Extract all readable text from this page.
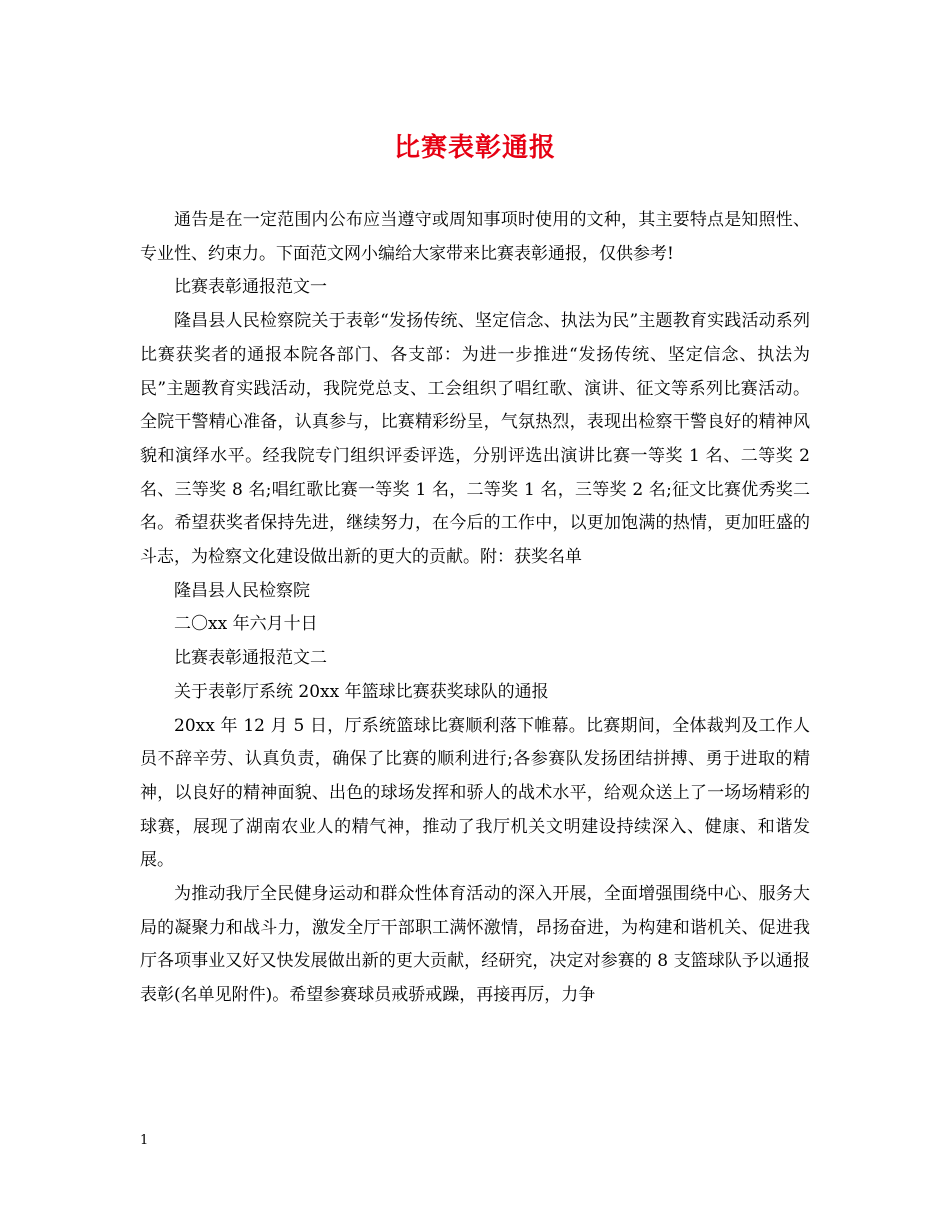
比赛表彰通报

通告是在一定范围内公布应当遵守或周知事项时使用的文种，其主要特点是知照性、专业性、约束力。下面范文网小编给大家带来比赛表彰通报，仅供参考!

比赛表彰通报范文一

隆昌县人民检察院关于表彰“发扬传统、坚定信念、执法为民”主题教育实践活动系列比赛获奖者的通报本院各部门、各支部：为进一步推进“发扬传统、坚定信念、执法为民”主题教育实践活动，我院党总支、工会组织了唱红歌、演讲、征文等系列比赛活动。全院干警精心准备，认真参与，比赛精彩纷呈，气氛热烈，表现出检察干警良好的精神风貌和演绎水平。经我院专门组织评委评选，分别评选出演讲比赛一等奖 1 名、二等奖 2 名、三等奖 8 名;唱红歌比赛一等奖 1 名，二等奖 1 名，三等奖 2 名;征文比赛优秀奖二名。希望获奖者保持先进，继续努力，在今后的工作中，以更加饱满的热情，更加旺盛的斗志，为检察文化建设做出新的更大的贡献。附：获奖名单

隆昌县人民检察院

二〇xx 年六月十日

比赛表彰通报范文二

关于表彰厅系统 20xx 年篮球比赛获奖球队的通报

20xx 年 12 月 5 日，厅系统篮球比赛顺利落下帷幕。比赛期间，全体裁判及工作人员不辞辛劳、认真负责，确保了比赛的顺利进行;各参赛队发扬团结拼搏、勇于进取的精神，以良好的精神面貌、出色的球场发挥和骄人的战术水平，给观众送上了一场场精彩的球赛，展现了湖南农业人的精气神，推动了我厅机关文明建设持续深入、健康、和谐发展。

为推动我厅全民健身运动和群众性体育活动的深入开展，全面增强围绕中心、服务大局的凝聚力和战斗力，激发全厅干部职工满怀激情，昂扬奋进，为构建和谐机关、促进我厅各项事业又好又快发展做出新的更大贡献，经研究，决定对参赛的 8 支篮球队予以通报表彰(名单见附件)。希望参赛球员戒骄戒躁，再接再厉，力争

1
